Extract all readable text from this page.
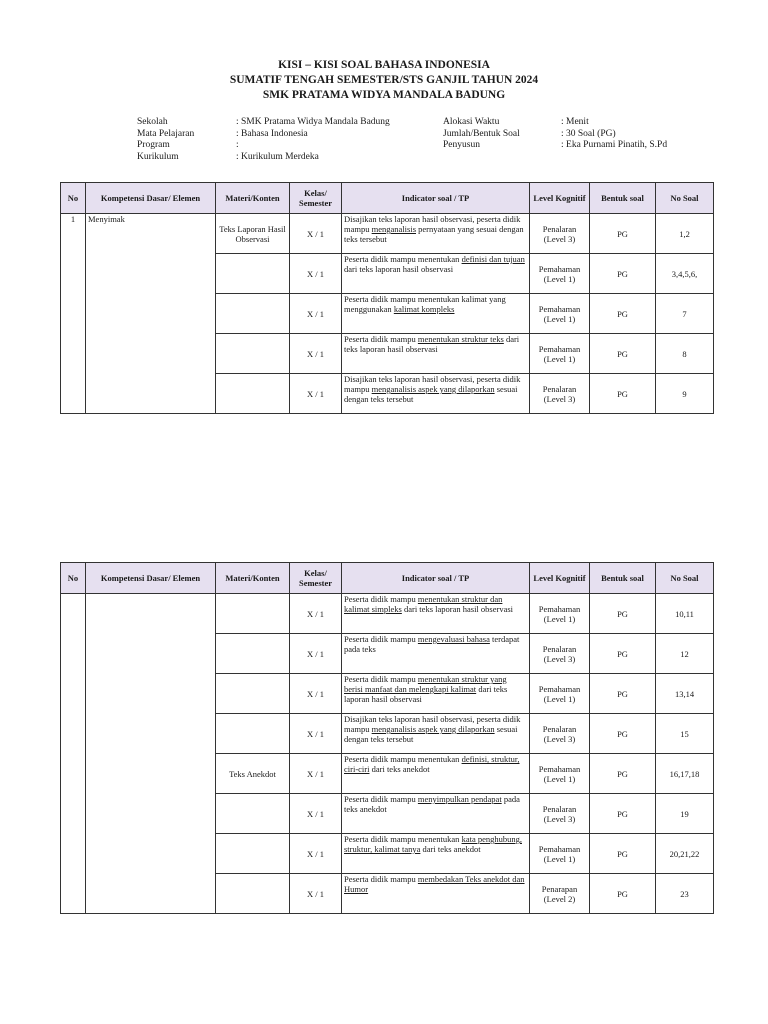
KISI – KISI SOAL BAHASA INDONESIA
SUMATIF TENGAH SEMESTER/STS GANJIL TAHUN 2024
SMK PRATAMA WIDYA MANDALA BADUNG
Sekolah	: SMK Pratama Widya Mandala Badung
Mata Pelajaran	: Bahasa Indonesia
Program	:
Kurikulum	: Kurikulum Merdeka
Alokasi Waktu	: Menit
Jumlah/Bentuk Soal	: 30 Soal (PG)
Penyusun	: Eka Purnami Pinatih, S.Pd
No	Kompetensi Dasar/ Elemen	Materi/Konten	Kelas/ Semester	Indicator soal / TP	Level Kognitif	Bentuk soal	No Soal
1	Menyimak	Teks Laporan Hasil Observasi	X / 1	Disajikan teks laporan hasil observasi, peserta didik mampu menganalisis pernyataan yang sesuai dengan teks tersebut	Penalaran (Level 3)	PG	1,2
			X / 1	Peserta didik mampu menentukan definisi dan tujuan dari teks laporan hasil observasi	Pemahaman (Level 1)	PG	3,4,5,6,
			X / 1	Peserta didik mampu menentukan kalimat yang menggunakan kalimat kompleks	Pemahaman (Level 1)	PG	7
			X / 1	Peserta didik mampu menentukan struktur teks dari teks laporan hasil observasi	Pemahaman (Level 1)	PG	8
			X / 1	Disajikan teks laporan hasil observasi, peserta didik mampu menganalisis aspek yang dilaporkan sesuai dengan teks tersebut	Penalaran (Level 3)	PG	9
No	Kompetensi Dasar/ Elemen	Materi/Konten	Kelas/ Semester	Indicator soal / TP	Level Kognitif	Bentuk soal	No Soal
			X / 1	Peserta didik mampu menentukan struktur dan kalimat simpleks dari teks laporan hasil observasi	Pemahaman (Level 1)	PG	10,11
			X / 1	Peserta didik mampu mengevaluasi bahasa terdapat pada teks	Penalaran (Level 3)	PG	12
			X / 1	Peserta didik mampu menentukan struktur yang berisi manfaat dan melengkapi kalimat dari teks laporan hasil observasi	Pemahaman (Level 1)	PG	13,14
			X / 1	Disajikan teks laporan hasil observasi, peserta didik mampu menganalisis aspek yang dilaporkan sesuai dengan teks tersebut	Penalaran (Level 3)	PG	15
		Teks Anekdot	X / 1	Peserta didik mampu menentukan definisi, struktur, ciri-ciri dari teks anekdot	Pemahaman (Level 1)	PG	16,17,18
			X / 1	Peserta didik mampu menyimpulkan pendapat pada teks anekdot	Penalaran (Level 3)	PG	19
			X / 1	Peserta didik mampu menentukan kata penghubung, struktur, kalimat tanya dari teks anekdot	Pemahaman (Level 1)	PG	20,21,22
			X / 1	Peserta didik mampu membedakan Teks anekdot dan Humor	Penarapan (Level 2)	PG	23
